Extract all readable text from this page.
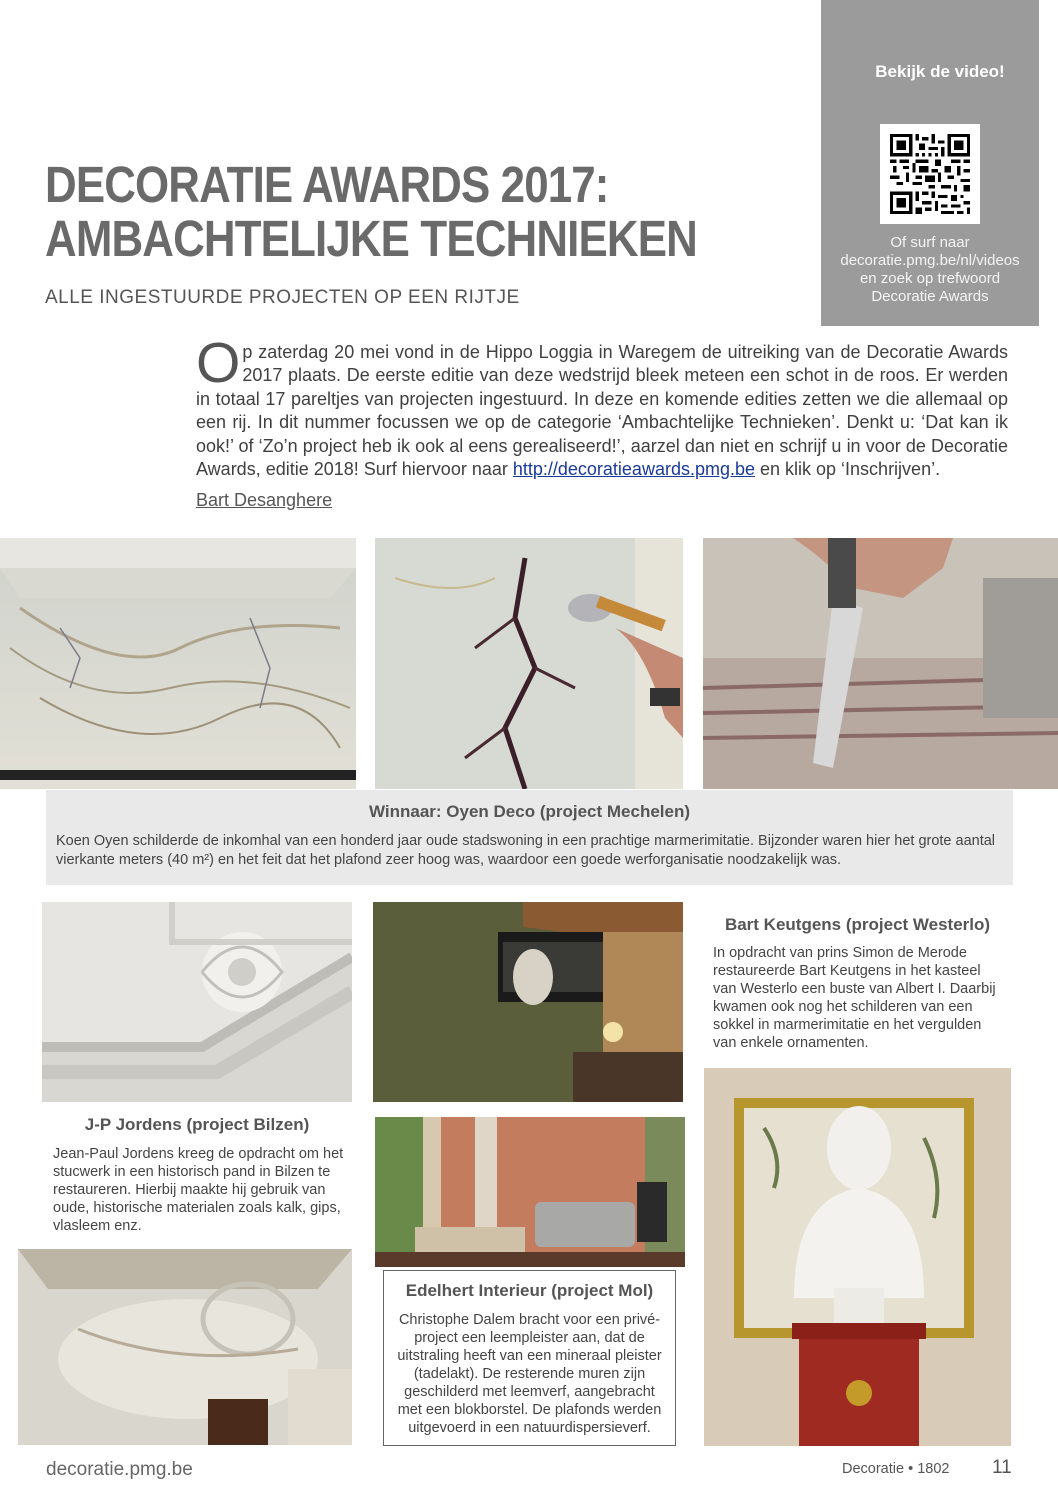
Bekijk de video!
Of surf naar
decoratie.pmg.be/nl/videos
en zoek op trefwoord
Decoratie Awards
DECORATIE AWARDS 2017:
AMBACHTELIJKE TECHNIEKEN
ALLE INGESTUURDE PROJECTEN OP EEN RIJTJE
Op zaterdag 20 mei vond in de Hippo Loggia in Waregem de uitreiking van de Decoratie Awards 2017 plaats. De eerste editie van deze wedstrijd bleek meteen een schot in de roos. Er werden in totaal 17 pareltjes van projecten ingestuurd. In deze en komende edities zetten we die allemaal op een rij. In dit nummer focussen we op de categorie ‘Ambachtelijke Technieken’. Denkt u: ‘Dat kan ik ook!’ of ‘Zo’n project heb ik ook al eens gerealiseerd!’, aarzel dan niet en schrijf u in voor de Decoratie Awards, editie 2018! Surf hiervoor naar http://decoratieawards.pmg.be en klik op ‘Inschrijven’.
Bart Desanghere
Winnaar: Oyen Deco (project Mechelen)
Koen Oyen schilderde de inkomhal van een honderd jaar oude stadswoning in een prachtige marmerimitatie. Bijzonder waren hier het grote aantal vierkante meters (40 m²) en het feit dat het plafond zeer hoog was, waardoor een goede werforganisatie noodzakelijk was.
J-P Jordens (project Bilzen)
Jean-Paul Jordens kreeg de opdracht om het stucwerk in een historisch pand in Bilzen te restaureren. Hierbij maakte hij gebruik van oude, historische materialen zoals kalk, gips, vlasleem enz.
Edelhert Interieur (project Mol)
Christophe Dalem bracht voor een privé-project een leempleister aan, dat de uitstraling heeft van een mineraal pleister (tadelakt). De resterende muren zijn geschilderd met leemverf, aangebracht met een blokborstel. De plafonds werden uitgevoerd in een natuurdispersieverf.
Bart Keutgens (project Westerlo)
In opdracht van prins Simon de Merode restaureerde Bart Keutgens in het kasteel van Westerlo een buste van Albert I. Daarbij kwamen ook nog het schilderen van een sokkel in marmerimitatie en het vergulden van enkele ornamenten.
decoratie.pmg.be	Decoratie • 1802 11
